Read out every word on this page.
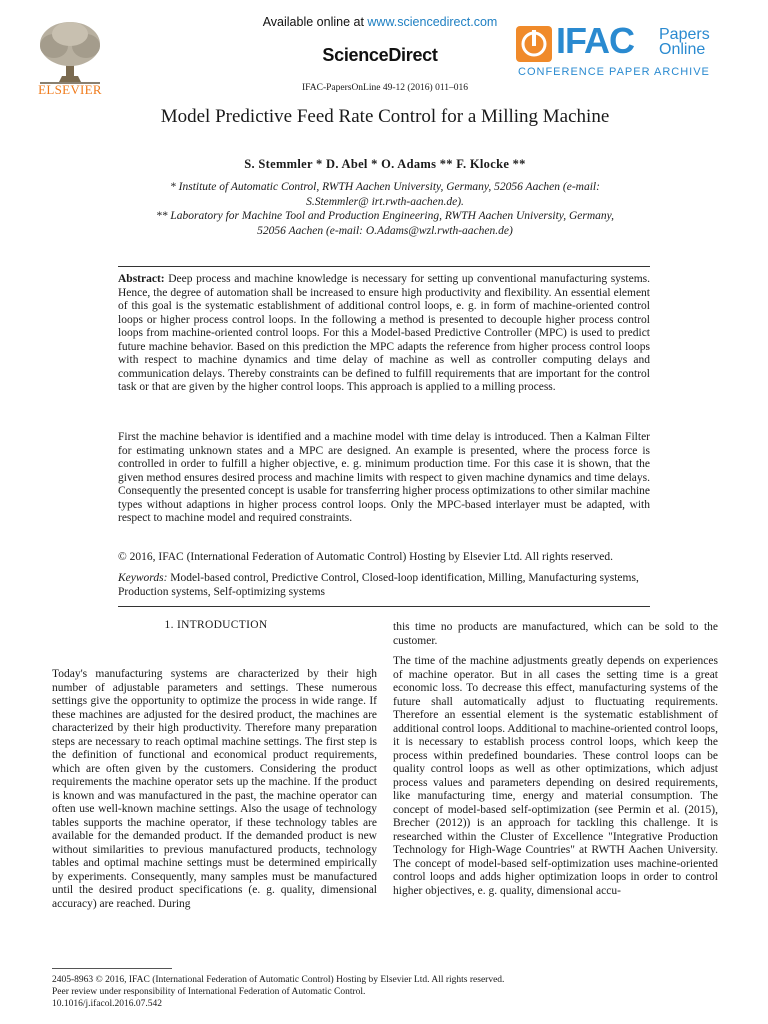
ELSEVIER
Available online at www.sciencedirect.com
ScienceDirect
IFAC-PapersOnLine 49-12 (2016) 011–016
IFAC Papers
Online
CONFERENCE PAPER ARCHIVE
Model Predictive Feed Rate Control for a Milling Machine
S. Stemmler * D. Abel * O. Adams ** F. Klocke **
* Institute of Automatic Control, RWTH Aachen University, Germany, 52056 Aachen (e-mail: S.Stemmler@ irt.rwth-aachen.de).
** Laboratory for Machine Tool and Production Engineering, RWTH Aachen University, Germany, 52056 Aachen (e-mail: O.Adams@wzl.rwth-aachen.de)
Abstract: Deep process and machine knowledge is necessary for setting up conventional manufacturing systems. Hence, the degree of automation shall be increased to ensure high productivity and flexibility. An essential element of this goal is the systematic establishment of additional control loops, e. g. in form of machine-oriented control loops or higher process control loops. In the following a method is presented to decouple higher process control loops from machine-oriented control loops. For this a Model-based Predictive Controller (MPC) is used to predict future machine behavior. Based on this prediction the MPC adapts the reference from higher process control loops with respect to machine dynamics and time delay of machine as well as controller computing delays and communication delays. Thereby constraints can be defined to fulfill requirements that are important for the control task or that are given by the higher control loops. This approach is applied to a milling process.
First the machine behavior is identified and a machine model with time delay is introduced. Then a Kalman Filter for estimating unknown states and a MPC are designed. An example is presented, where the process force is controlled in order to fulfill a higher objective, e. g. minimum production time. For this case it is shown, that the given method ensures desired process and machine limits with respect to given machine dynamics and time delays. Consequently the presented concept is usable for transferring higher process optimizations to other similar machine types without adaptions in higher process control loops. Only the MPC-based interlayer must be adapted, with respect to machine model and required constraints.
© 2016, IFAC (International Federation of Automatic Control) Hosting by Elsevier Ltd. All rights reserved.
Keywords: Model-based control, Predictive Control, Closed-loop identification, Milling, Manufacturing systems, Production systems, Self-optimizing systems
1. INTRODUCTION
Today's manufacturing systems are characterized by their high number of adjustable parameters and settings. These numerous settings give the opportunity to optimize the process in wide range. If these machines are adjusted for the desired product, the machines are characterized by their high productivity. Therefore many preparation steps are necessary to reach optimal machine settings. The first step is the definition of functional and economical product requirements, which are often given by the customers. Considering the product requirements the machine operator sets up the machine. If the product is known and was manufactured in the past, the machine operator can often use well-known machine settings. Also the usage of technology tables supports the machine operator, if these technology tables are available for the demanded product. If the demanded product is new without similarities to previous manufactured products, technology tables and optimal machine settings must be determined empirically by experiments. Consequently, many samples must be manufactured until the desired product specifications (e. g. quality, dimensional accuracy) are reached. During
this time no products are manufactured, which can be sold to the customer.
The time of the machine adjustments greatly depends on experiences of machine operator. But in all cases the setting time is a great economic loss. To decrease this effect, manufacturing systems of the future shall automatically adjust to fluctuating requirements. Therefore an essential element is the systematic establishment of additional control loops. Additional to machine-oriented control loops, it is necessary to establish process control loops, which keep the process within predefined boundaries. These control loops can be quality control loops as well as other optimizations, which adjust process values and parameters depending on desired requirements, like manufacturing time, energy and material consumption. The concept of model-based self-optimization (see Permin et al. (2015), Brecher (2012)) is an approach for tackling this challenge. It is researched within the Cluster of Excellence "Integrative Production Technology for High-Wage Countries" at RWTH Aachen University. The concept of model-based self-optimization uses machine-oriented control loops and adds higher optimization loops in order to control higher objectives, e. g. quality, dimensional accu-
2405-8963 © 2016, IFAC (International Federation of Automatic Control) Hosting by Elsevier Ltd. All rights reserved.
Peer review under responsibility of International Federation of Automatic Control.
10.1016/j.ifacol.2016.07.542
